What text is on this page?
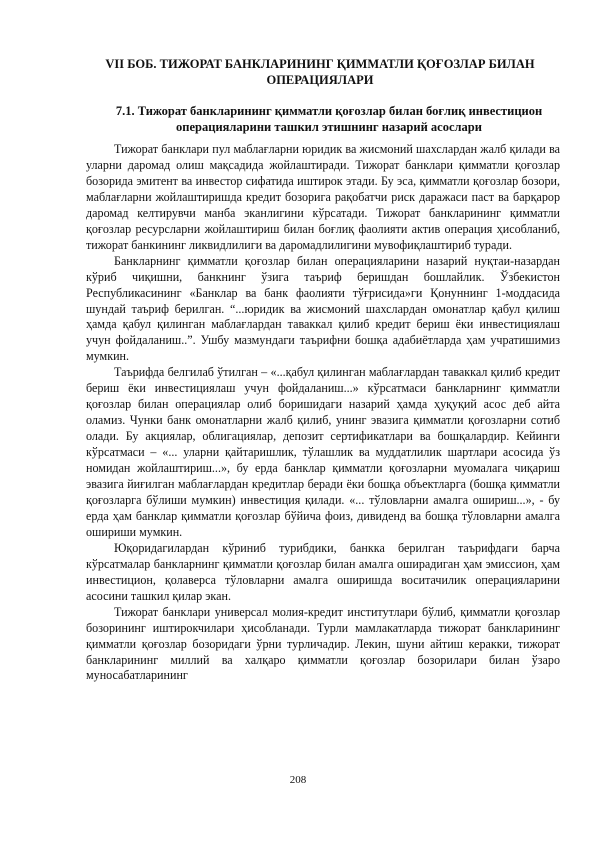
VII БОБ. ТИЖОРАТ БАНКЛАРИНИНГ ҚИММАТЛИ ҚОҒОЗЛАР БИЛАН ОПЕРАЦИЯЛАРИ
7.1. Тижорат банкларининг қимматли қоғозлар билан боғлиқ инвестицион операцияларини ташкил этишнинг назарий асослари

Тижорат банклари пул маблағларни юридик ва жисмоний шахслардан жалб қилади ва уларни даромад олиш мақсадида жойлаштиради. Тижорат банклари қимматли қоғозлар бозорида эмитент ва инвестор сифатида иштирок этади. Бу эса, қимматли қоғозлар бозори, маблағларни жойлаштиришда кредит бозорига рақобатчи риск даражаси паст ва барқарор даромад келтирувчи манба эканлигини кўрсатади. Тижорат банкларининг қимматли қоғозлар ресурсларни жойлаштириш билан боғлиқ фаолияти актив операция ҳисобланиб, тижорат банкининг ликвидлилиги ва даромадлилигини мувофиқлаштириб туради.

Банкларнинг қимматли қоғозлар билан операцияларини назарий нуқтаи-назардан кўриб чиқишни, банкнинг ўзига таъриф беришдан бошлайлик. Ўзбекистон Республикасининг «Банклар ва банк фаолияти тўғрисида»ги Қонуннинг 1-моддасида шундай таъриф берилган. “...юридик ва жисмоний шахслардан омонатлар қабул қилиш ҳамда қабул қилинган маблағлардан таваккал қилиб кредит бериш ёки инвестициялаш учун фойдаланиш..”. Ушбу мазмундаги таърифни бошқа адабиётларда ҳам учратишимиз мумкин.

Таърифда белгилаб ўтилган – «...қабул қилинган маблағлардан таваккал қилиб кредит бериш ёки инвестициялаш учун фойдаланиш...» кўрсатмаси банкларнинг қимматли қоғозлар билан операциялар олиб боришидаги назарий ҳамда ҳуқуқий асос деб айта оламиз. Чунки банк омонатларни жалб қилиб, унинг эвазига қимматли қоғозларни сотиб олади. Бу акциялар, облигациялар, депозит сертификатлари ва бошқалардир. Кейинги кўрсатмаси – «... уларни қайтаришлик, тўлашлик ва муддатлилик шартлари асосида ўз номидан жойлаштириш...», бу ерда банклар қимматли қоғозларни муомалага чиқариш эвазига йиғилган маблағлардан кредитлар беради ёки бошқа объектларга (бошқа қимматли қоғозларга бўлиши мумкин) инвестиция қилади. «... тўловларни амалга ошириш...», - бу ерда ҳам банклар қимматли қоғозлар бўйича фоиз, дивиденд ва бошқа тўловларни амалга ошириши мумкин.

Юқоридагилардан кўриниб турибдики, банкка берилган таърифдаги барча кўрсатмалар банкларнинг қимматли қоғозлар билан амалга оширадиган ҳам эмиссион, ҳам инвестицион, қолаверса тўловларни амалга оширишда воситачилик операцияларини асосини ташкил қилар экан.

Тижорат банклари универсал молия-кредит институтлари бўлиб, қимматли қоғозлар бозорининг иштирокчилари ҳисобланади. Турли мамлакатларда тижорат банкларининг қимматли қоғозлар бозоридаги ўрни турличадир. Лекин, шуни айтиш керакки, тижорат банкларининг миллий ва халқаро қимматли қоғозлар бозорилари билан ўзаро муносабатларининг

208
